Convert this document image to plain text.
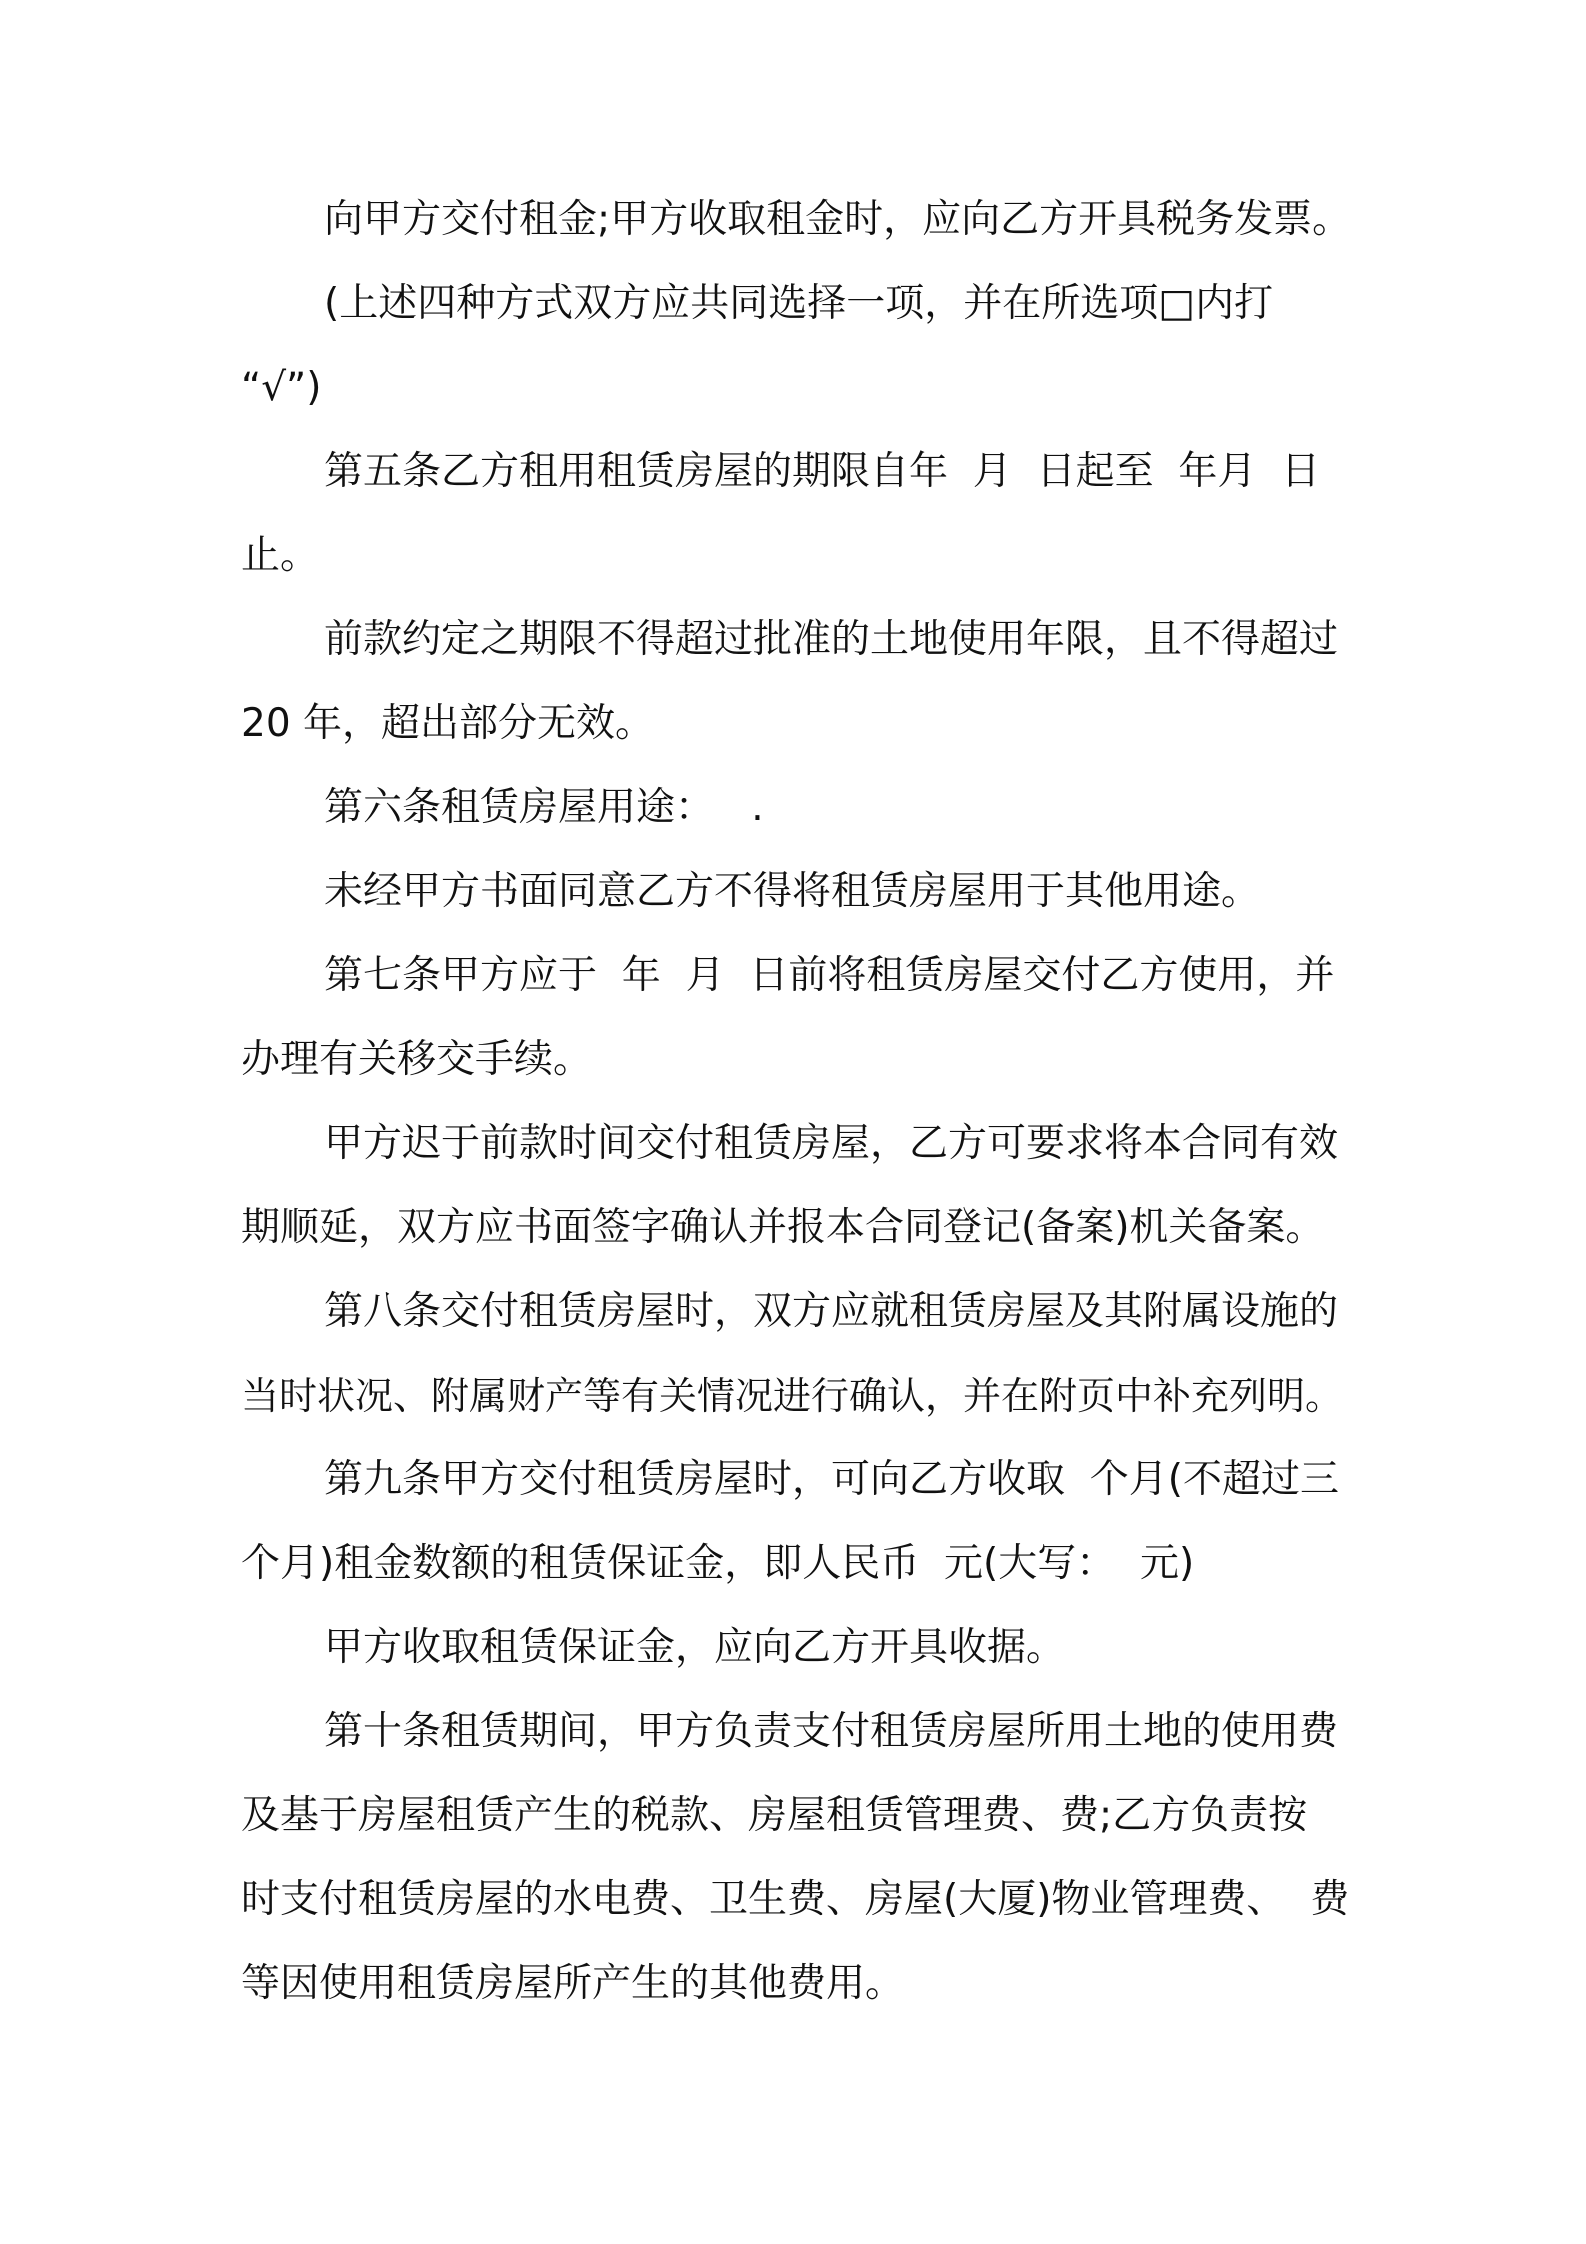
向甲方交付租金;甲方收取租金时，应向乙方开具税务发票。
(上述四种方式双方应共同选择一项，并在所选项□内打
“√”)
第五条乙方租用租赁房屋的期限自年  月  日起至  年月  日
止。
前款约定之期限不得超过批准的土地使用年限，且不得超过
20 年，超出部分无效。
第六条租赁房屋用途：   .
未经甲方书面同意乙方不得将租赁房屋用于其他用途。
第七条甲方应于  年  月  日前将租赁房屋交付乙方使用，并
办理有关移交手续。
甲方迟于前款时间交付租赁房屋，乙方可要求将本合同有效
期顺延，双方应书面签字确认并报本合同登记(备案)机关备案。
第八条交付租赁房屋时，双方应就租赁房屋及其附属设施的
当时状况、附属财产等有关情况进行确认，并在附页中补充列明。
第九条甲方交付租赁房屋时，可向乙方收取  个月(不超过三
个月)租金数额的租赁保证金，即人民币  元(大写：  元)
甲方收取租赁保证金，应向乙方开具收据。
第十条租赁期间，甲方负责支付租赁房屋所用土地的使用费
及基于房屋租赁产生的税款、房屋租赁管理费、费;乙方负责按
时支付租赁房屋的水电费、卫生费、房屋(大厦)物业管理费、  费
等因使用租赁房屋所产生的其他费用。
